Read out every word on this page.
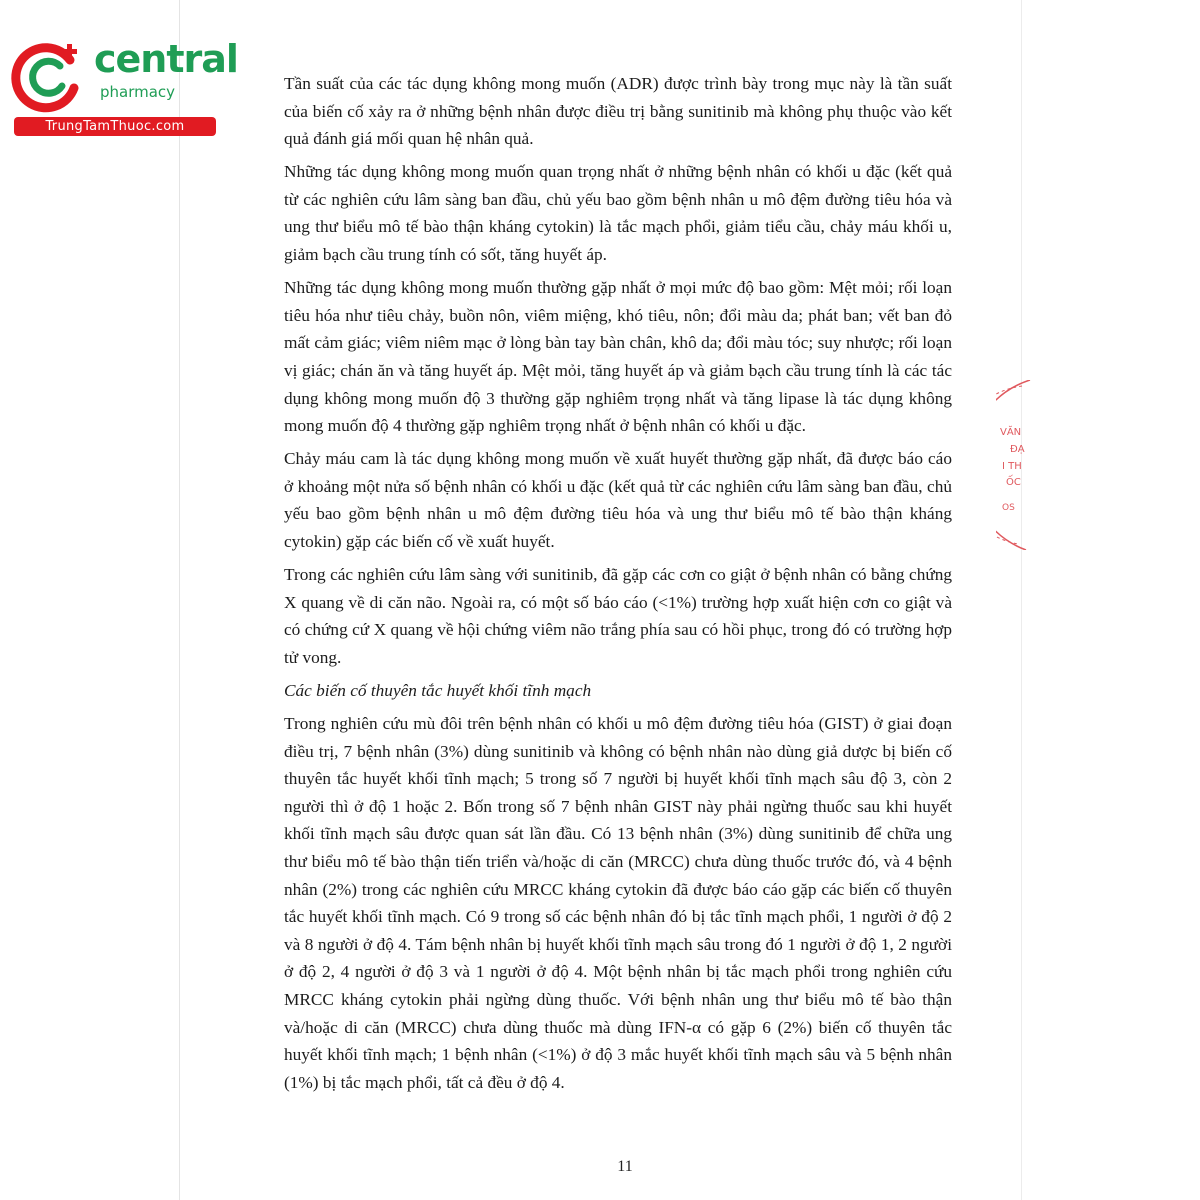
central
pharmacy
TrungTamThuoc.com
VĂN
ĐẠ
I TH
ỐC
OS

Tần suất của các tác dụng không mong muốn (ADR) được trình bày trong mục này là tần suất của biến cố xảy ra ở những bệnh nhân được điều trị bằng sunitinib mà không phụ thuộc vào kết quả đánh giá mối quan hệ nhân quả.

Những tác dụng không mong muốn quan trọng nhất ở những bệnh nhân có khối u đặc (kết quả từ các nghiên cứu lâm sàng ban đầu, chủ yếu bao gồm bệnh nhân u mô đệm đường tiêu hóa và ung thư biểu mô tế bào thận kháng cytokin) là tắc mạch phổi, giảm tiểu cầu, chảy máu khối u, giảm bạch cầu trung tính có sốt, tăng huyết áp.

Những tác dụng không mong muốn thường gặp nhất ở mọi mức độ bao gồm: Mệt mỏi; rối loạn tiêu hóa như tiêu chảy, buồn nôn, viêm miệng, khó tiêu, nôn; đổi màu da; phát ban; vết ban đỏ mất cảm giác; viêm niêm mạc ở lòng bàn tay bàn chân, khô da; đổi màu tóc; suy nhược; rối loạn vị giác; chán ăn và tăng huyết áp. Mệt mỏi, tăng huyết áp và giảm bạch cầu trung tính là các tác dụng không mong muốn độ 3 thường gặp nghiêm trọng nhất và tăng lipase là tác dụng không mong muốn độ 4 thường gặp nghiêm trọng nhất ở bệnh nhân có khối u đặc.

Chảy máu cam là tác dụng không mong muốn về xuất huyết thường gặp nhất, đã được báo cáo ở khoảng một nửa số bệnh nhân có khối u đặc (kết quả từ các nghiên cứu lâm sàng ban đầu, chủ yếu bao gồm bệnh nhân u mô đệm đường tiêu hóa và ung thư biểu mô tế bào thận kháng cytokin) gặp các biến cố về xuất huyết.

Trong các nghiên cứu lâm sàng với sunitinib, đã gặp các cơn co giật ở bệnh nhân có bằng chứng X quang về di căn não. Ngoài ra, có một số báo cáo (<1%) trường hợp xuất hiện cơn co giật và có chứng cứ X quang về hội chứng viêm não trắng phía sau có hồi phục, trong đó có trường hợp tử vong.

Các biến cố thuyên tắc huyết khối tĩnh mạch

Trong nghiên cứu mù đôi trên bệnh nhân có khối u mô đệm đường tiêu hóa (GIST) ở giai đoạn điều trị, 7 bệnh nhân (3%) dùng sunitinib và không có bệnh nhân nào dùng giả dược bị biến cố thuyên tắc huyết khối tĩnh mạch; 5 trong số 7 người bị huyết khối tĩnh mạch sâu độ 3, còn 2 người thì ở độ 1 hoặc 2. Bốn trong số 7 bệnh nhân GIST này phải ngừng thuốc sau khi huyết khối tĩnh mạch sâu được quan sát lần đầu. Có 13 bệnh nhân (3%) dùng sunitinib để chữa ung thư biểu mô tế bào thận tiến triển và/hoặc di căn (MRCC) chưa dùng thuốc trước đó, và 4 bệnh nhân (2%) trong các nghiên cứu MRCC kháng cytokin đã được báo cáo gặp các biến cố thuyên tắc huyết khối tĩnh mạch. Có 9 trong số các bệnh nhân đó bị tắc tĩnh mạch phổi, 1 người ở độ 2 và 8 người ở độ 4. Tám bệnh nhân bị huyết khối tĩnh mạch sâu trong đó 1 người ở độ 1, 2 người ở độ 2, 4 người ở độ 3 và 1 người ở độ 4. Một bệnh nhân bị tắc mạch phổi trong nghiên cứu MRCC kháng cytokin phải ngừng dùng thuốc. Với bệnh nhân ung thư biểu mô tế bào thận và/hoặc di căn (MRCC) chưa dùng thuốc mà dùng IFN-α có gặp 6 (2%) biến cố thuyên tắc huyết khối tĩnh mạch; 1 bệnh nhân (<1%) ở độ 3 mắc huyết khối tĩnh mạch sâu và 5 bệnh nhân (1%) bị tắc mạch phổi, tất cả đều ở độ 4.

11
